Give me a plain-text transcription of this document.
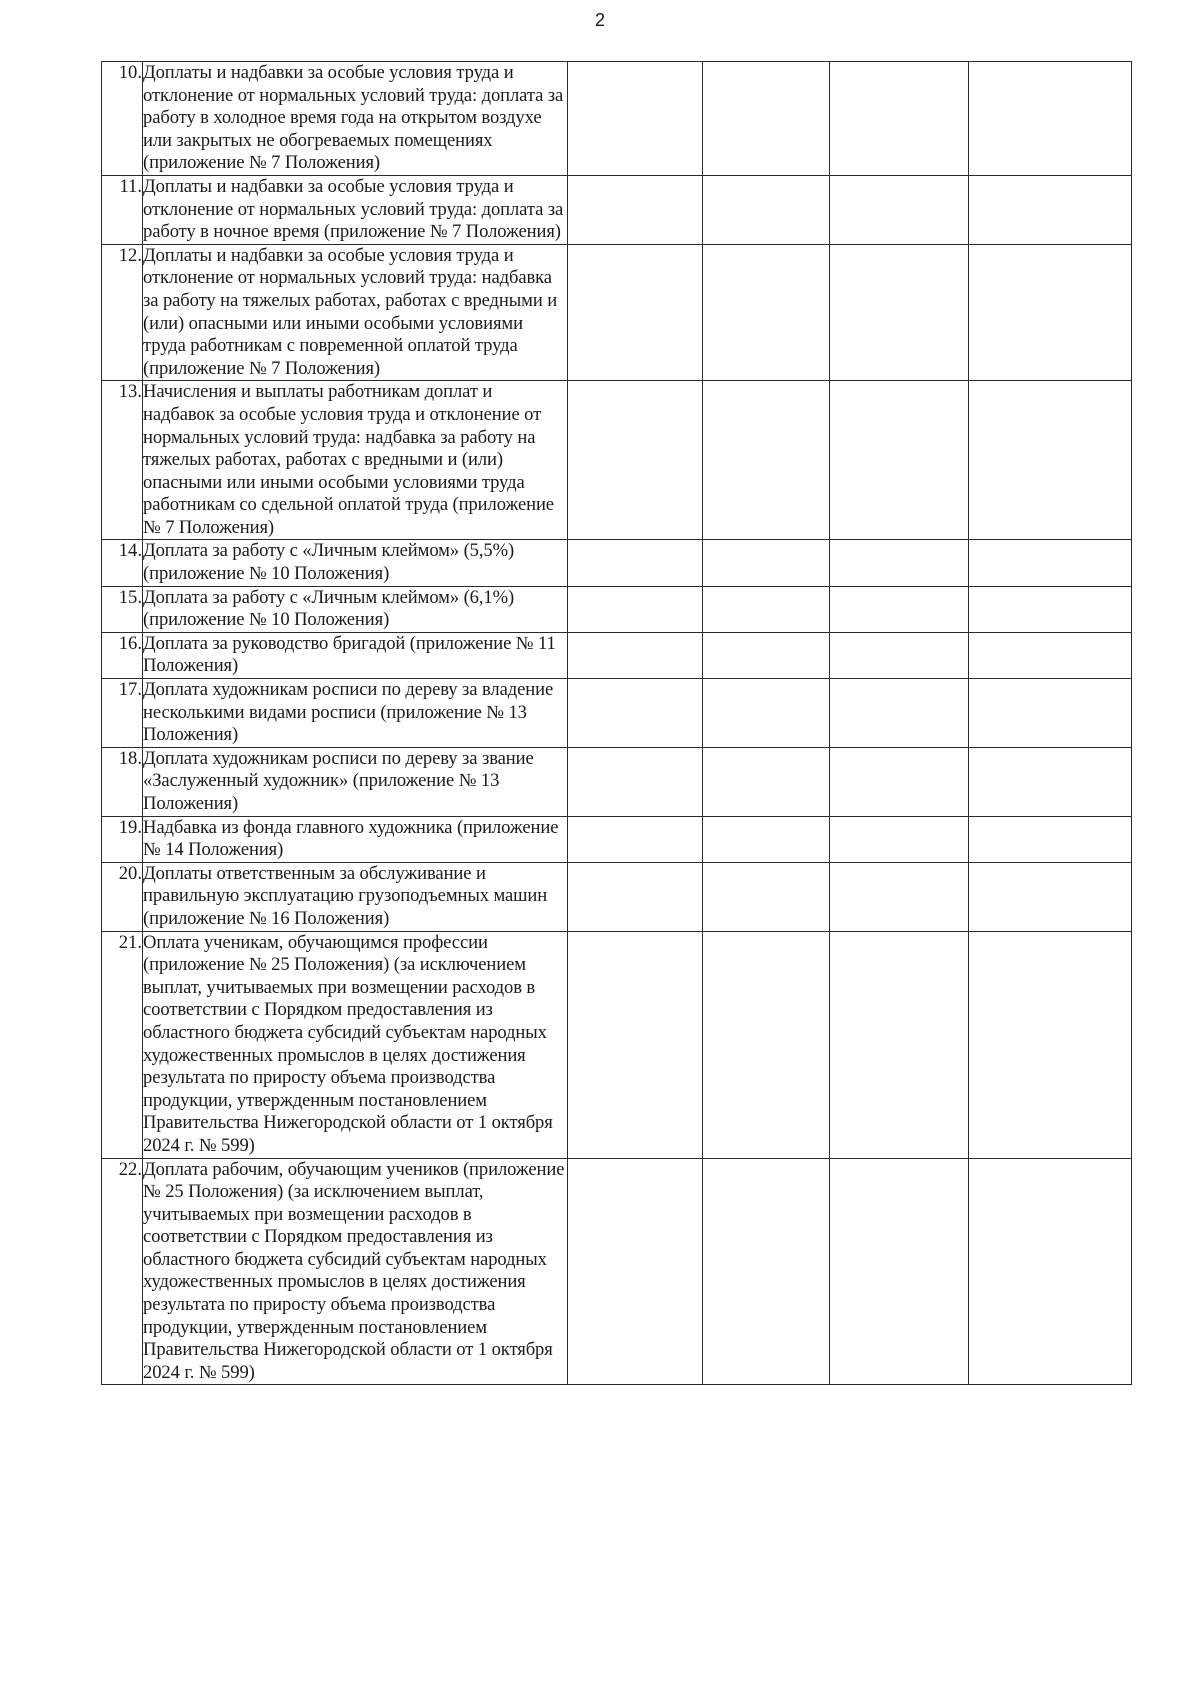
2
10.	Доплаты и надбавки за особые условия труда и отклонение от нормальных условий труда: доплата за работу в холодное время года на открытом воздухе или закрытых не обогреваемых помещениях (приложение № 7 Положения)				
11.	Доплаты и надбавки за особые условия труда и отклонение от нормальных условий труда: доплата за работу в ночное время (приложение № 7 Положения)				
12.	Доплаты и надбавки за особые условия труда и отклонение от нормальных условий труда: надбавка за работу на тяжелых работах, работах с вредными и (или) опасными или иными особыми условиями труда работникам с повременной оплатой труда (приложение № 7 Положения)				
13.	Начисления и выплаты работникам доплат и надбавок за особые условия труда и отклонение от нормальных условий труда: надбавка за работу на тяжелых работах, работах с вредными и (или) опасными или иными особыми условиями труда работникам со сдельной оплатой труда (приложение № 7 Положения)				
14.	Доплата за работу с «Личным клеймом» (5,5%) (приложение № 10 Положения)				
15.	Доплата за работу с «Личным клеймом» (6,1%) (приложение № 10 Положения)				
16.	Доплата за руководство бригадой (приложение № 11 Положения)				
17.	Доплата художникам росписи по дереву за владение несколькими видами росписи (приложение № 13 Положения)				
18.	Доплата художникам росписи по дереву за звание «Заслуженный художник» (приложение № 13 Положения)				
19.	Надбавка из фонда главного художника (приложение № 14 Положения)				
20.	Доплаты ответственным за обслуживание и правильную эксплуатацию грузоподъемных машин (приложение № 16 Положения)				
21.	Оплата ученикам, обучающимся профессии (приложение № 25 Положения) (за исключением выплат, учитываемых при возмещении расходов в соответствии с Порядком предоставления из областного бюджета субсидий субъектам народных художественных промыслов в целях достижения результата по приросту объема производства продукции, утвержденным постановлением Правительства Нижегородской области от 1 октября 2024 г. № 599)				
22.	Доплата рабочим, обучающим учеников (приложение № 25 Положения) (за исключением выплат, учитываемых при возмещении расходов в соответствии с Порядком предоставления из областного бюджета субсидий субъектам народных художественных промыслов в целях достижения результата по приросту объема производства продукции, утвержденным постановлением Правительства Нижегородской области от 1 октября 2024 г. № 599)				
